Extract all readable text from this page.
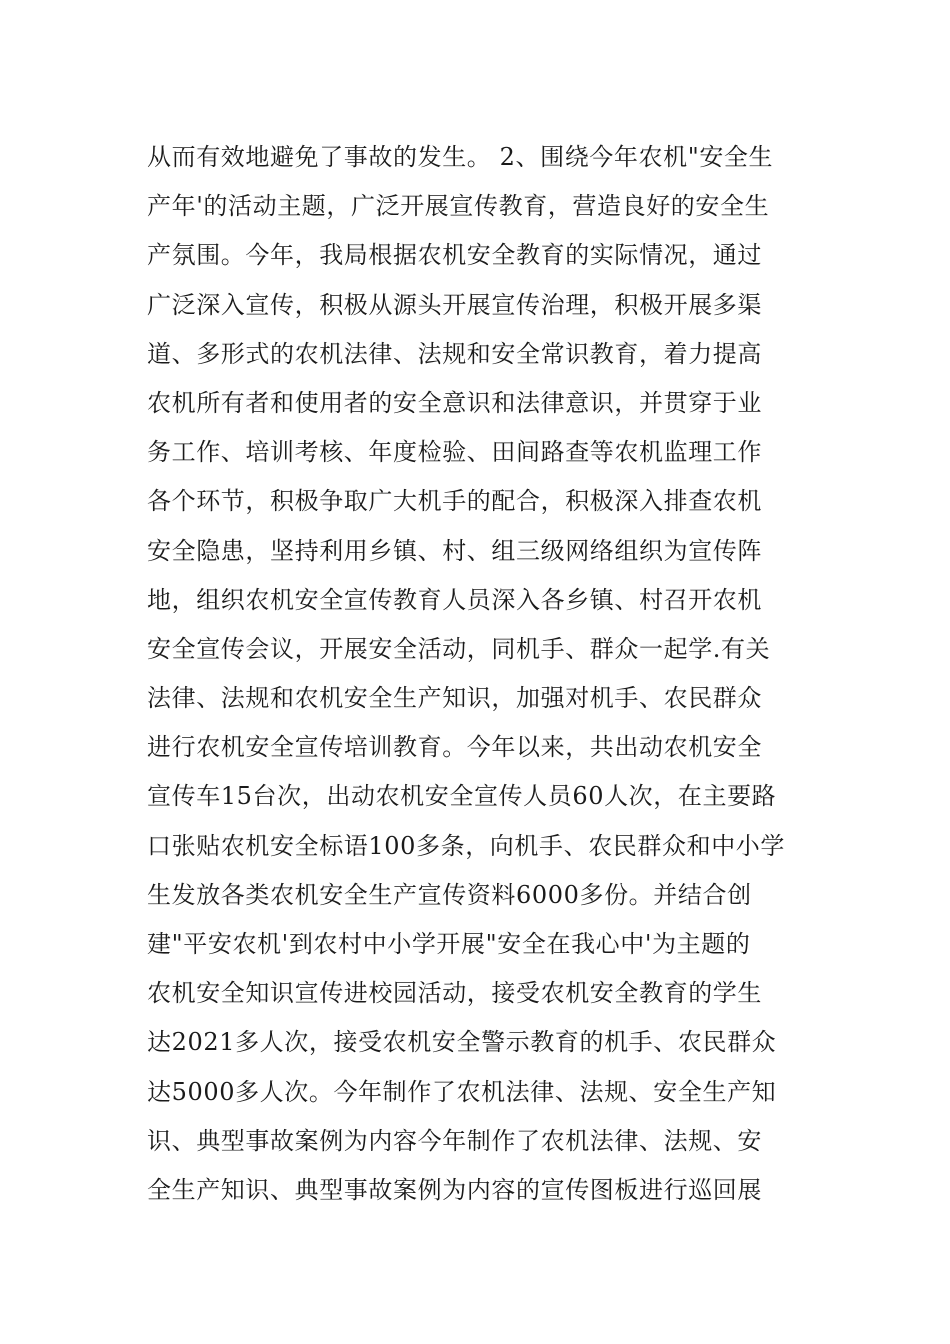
从而有效地避免了事故的发生。 2、围绕今年农机"安全生
产年'的活动主题，广泛开展宣传教育，营造良好的安全生
产氛围。今年，我局根据农机安全教育的实际情况，通过
广泛深入宣传，积极从源头开展宣传治理，积极开展多渠
道、多形式的农机法律、法规和安全常识教育，着力提高
农机所有者和使用者的安全意识和法律意识，并贯穿于业
务工作、培训考核、年度检验、田间路查等农机监理工作
各个环节，积极争取广大机手的配合，积极深入排查农机
安全隐患，坚持利用乡镇、村、组三级网络组织为宣传阵
地，组织农机安全宣传教育人员深入各乡镇、村召开农机
安全宣传会议，开展安全活动，同机手、群众一起学.有关
法律、法规和农机安全生产知识，加强对机手、农民群众
进行农机安全宣传培训教育。今年以来，共出动农机安全
宣传车15台次，出动农机安全宣传人员60人次，在主要路
口张贴农机安全标语100多条，向机手、农民群众和中小学
生发放各类农机安全生产宣传资料6000多份。并结合创
建"平安农机'到农村中小学开展"安全在我心中'为主题的
农机安全知识宣传进校园活动，接受农机安全教育的学生
达2021多人次，接受农机安全警示教育的机手、农民群众
达5000多人次。今年制作了农机法律、法规、安全生产知
识、典型事故案例为内容今年制作了农机法律、法规、安
全生产知识、典型事故案例为内容的宣传图板进行巡回展
